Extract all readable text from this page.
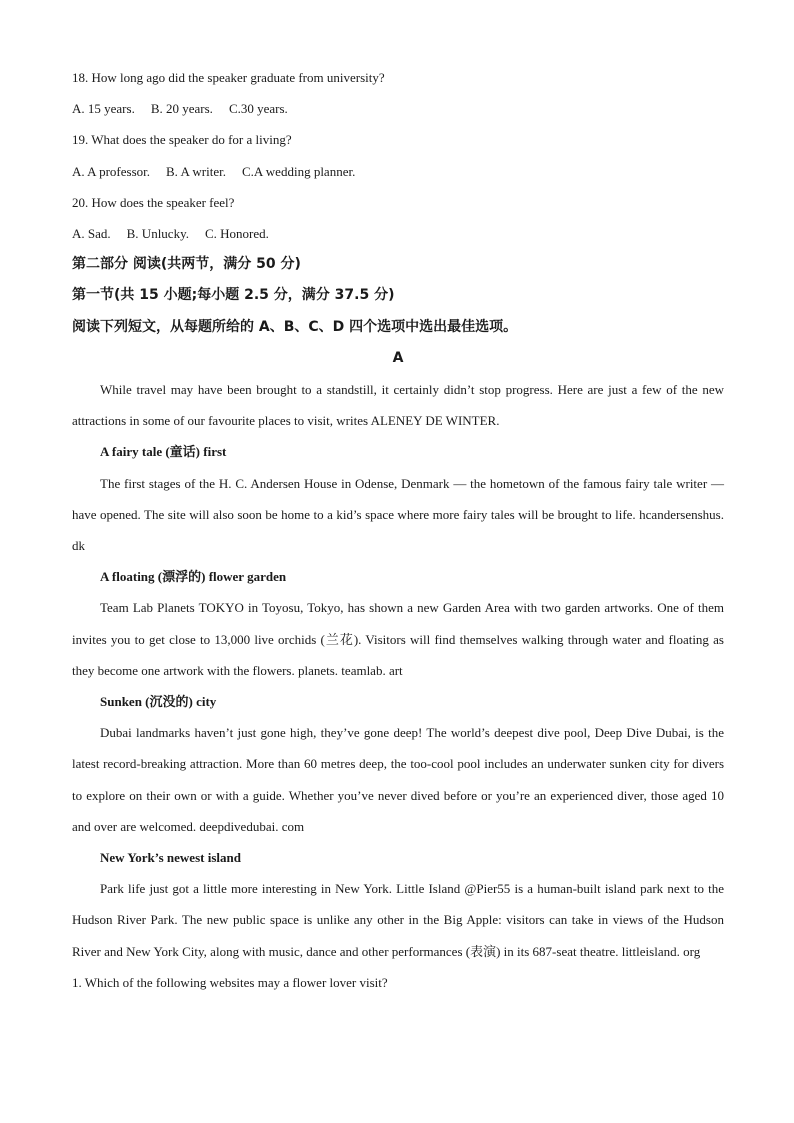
18. How long ago did the speaker graduate from university?

A. 15 years. B. 20 years. C.30 years.

19. What does the speaker do for a living?

A. A professor. B. A writer. C.A wedding planner.

20. How does the speaker feel?

A. Sad. B. Unlucky. C. Honored.

第二部分 阅读(共两节，满分 50 分)

第一节(共 15 小题;每小题 2.5 分，满分 37.5 分)

阅读下列短文，从每题所给的 A、B、C、D 四个选项中选出最佳选项。

A

While travel may have been brought to a standstill, it certainly didn’t stop progress. Here are just a few of the new attractions in some of our favourite places to visit, writes ALENEY DE WINTER.

A fairy tale (童话) first

The first stages of the H. C. Andersen House in Odense, Denmark — the hometown of the famous fairy tale writer — have opened. The site will also soon be home to a kid’s space where more fairy tales will be brought to life. hcandersenshus. dk

A floating (漂浮的) flower garden

Team Lab Planets TOKYO in Toyosu, Tokyo, has shown a new Garden Area with two garden artworks. One of them invites you to get close to 13,000 live orchids (兰花). Visitors will find themselves walking through water and floating as they become one artwork with the flowers. planets. teamlab. art

Sunken (沉没的) city

Dubai landmarks haven’t just gone high, they’ve gone deep! The world’s deepest dive pool, Deep Dive Dubai, is the latest record-breaking attraction. More than 60 metres deep, the too-cool pool includes an underwater sunken city for divers to explore on their own or with a guide. Whether you’ve never dived before or you’re an experienced diver, those aged 10 and over are welcomed. deepdivedubai. com

New York’s newest island

Park life just got a little more interesting in New York. Little Island @Pier55 is a human-built island park next to the Hudson River Park. The new public space is unlike any other in the Big Apple: visitors can take in views of the Hudson River and New York City, along with music, dance and other performances (表演) in its 687-seat theatre. littleisland. org

1. Which of the following websites may a flower lover visit?
